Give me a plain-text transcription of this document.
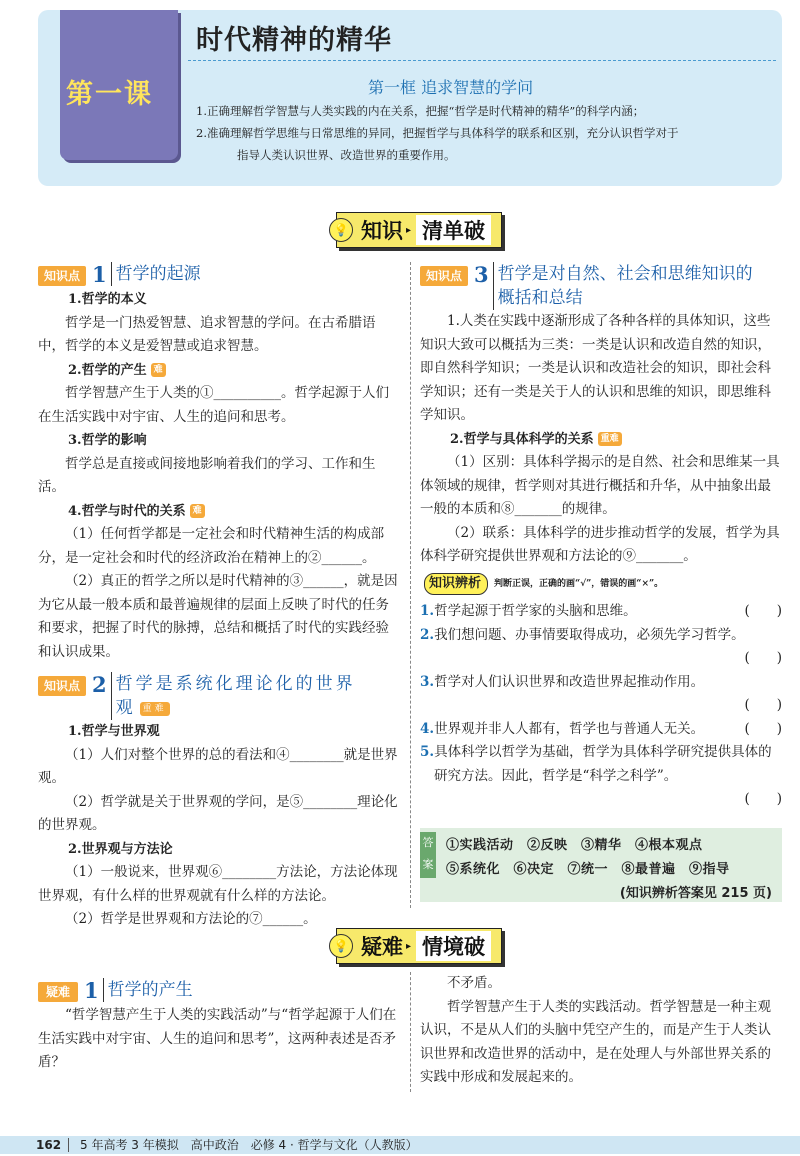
第一课
时代精神的精华
第一框 追求智慧的学问

1.正确理解哲学智慧与人类实践的内在关系，把握“哲学是时代精神的精华”的科学内涵；

2.准确理解哲学思维与日常思维的异同，把握哲学与具体科学的联系和区别，充分认识哲学对于

指导人类认识世界、改造世界的重要作用。

💡 知识 ▸ 清单破
知识点 1 哲学的起源

1.哲学的本义

哲学是一门热爱智慧、追求智慧的学问。在古希腊语中，哲学的本义是爱智慧或追求智慧。

2.哲学的产生 难

哲学智慧产生于人类的①__________。哲学起源于人们在生活实践中对宇宙、人生的追问和思考。

3.哲学的影响

哲学总是直接或间接地影响着我们的学习、工作和生活。

4.哲学与时代的关系 难

（1）任何哲学都是一定社会和时代精神生活的构成部分，是一定社会和时代的经济政治在精神上的②______。

（2）真正的哲学之所以是时代精神的③______，就是因为它从最一般本质和最普遍规律的层面上反映了时代的任务和要求，把握了时代的脉搏，总结和概括了时代的实践经验和认识成果。

知识点 2 哲学是系统化理论化的世界观 重难

1.哲学与世界观

（1）人们对整个世界的总的看法和④________就是世界观。

（2）哲学就是关于世界观的学问，是⑤________理论化的世界观。

2.世界观与方法论

（1）一般说来，世界观⑥________方法论，方法论体现世界观，有什么样的世界观就有什么样的方法论。

（2）哲学是世界观和方法论的⑦______。

知识点 3 哲学是对自然、社会和思维知识的概括和总结

1.人类在实践中逐渐形成了各种各样的具体知识，这些知识大致可以概括为三类：一类是认识和改造自然的知识，即自然科学知识；一类是认识和改造社会的知识，即社会科学知识；还有一类是关于人的认识和思维的知识，即思维科学知识。

2.哲学与具体科学的关系 重难

（1）区别：具体科学揭示的是自然、社会和思维某一具体领域的规律，哲学则对其进行概括和升华，从中抽象出最一般的本质和⑧_______的规律。

（2）联系：具体科学的进步推动哲学的发展，哲学为具体科学研究提供世界观和方法论的⑨_______。

知识辨析	判断正误，正确的画“√”，错误的画“×”。
1.哲学起源于哲学家的头脑和思维。	(　　)
2.我们想问题、办事情要取得成功，必须先学习哲学。
(　　)
3.哲学对人们认识世界和改造世界起推动作用。
(　　)
4.世界观并非人人都有，哲学也与普通人无关。	(　　)
5.具体科学以哲学为基础，哲学为具体科学研究提供具体的研究方法。因此，哲学是“科学之科学”。
(　　)
答案
①实践活动　②反映　③精华　④根本观点
⑤系统化　⑥决定　⑦统一　⑧最普遍　⑨指导
(知识辨析答案见 215 页)
💡 疑难 ▸ 情境破
疑难 1 哲学的产生

“哲学智慧产生于人类的实践活动”与“哲学起源于人们在生活实践中对宇宙、人生的追问和思考”，这两种表述是否矛盾？

不矛盾。

哲学智慧产生于人类的实践活动。哲学智慧是一种主观认识，不是从人们的头脑中凭空产生的，而是产生于人类认识世界和改造世界的活动中，是在处理人与外部世界关系的实践中形成和发展起来的。

162 5 年高考 3 年模拟　高中政治　必修 4 · 哲学与文化（人教版）
